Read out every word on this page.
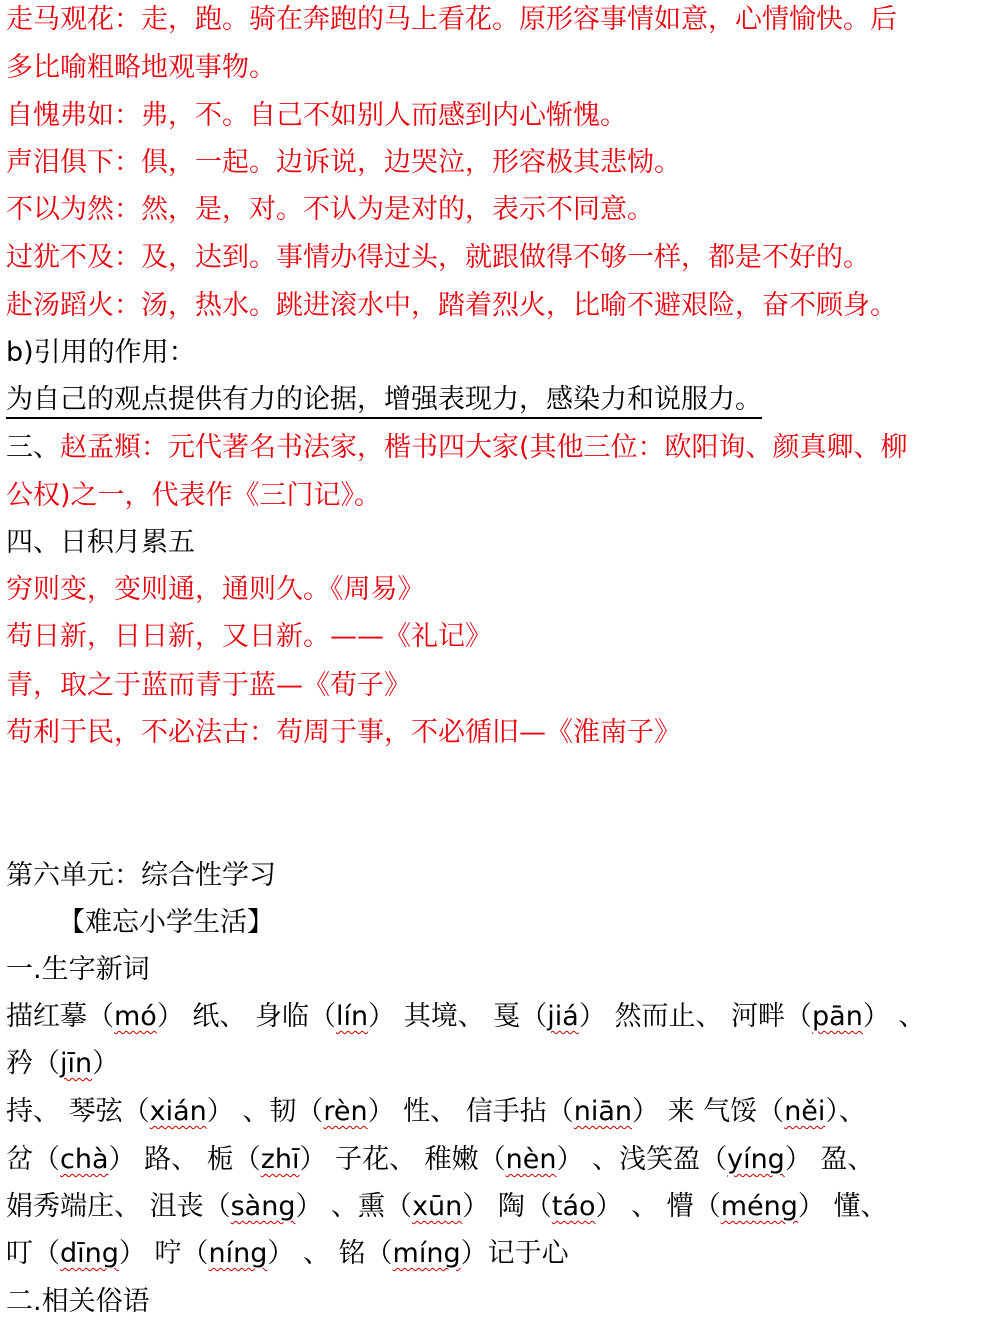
走马观花：走，跑。骑在奔跑的马上看花。原形容事情如意，心情愉快。后
多比喻粗略地观事物。
自愧弗如：弗，不。自己不如别人而感到内心惭愧。
声泪俱下：俱，一起。边诉说，边哭泣，形容极其悲恸。
不以为然：然，是，对。不认为是对的，表示不同意。
过犹不及：及，达到。事情办得过头，就跟做得不够一样，都是不好的。
赴汤蹈火：汤，热水。跳进滚水中，踏着烈火，比喻不避艰险，奋不顾身。
b)引用的作用：
为自己的观点提供有力的论据，增强表现力，感染力和说服力。
三、赵孟頫：元代著名书法家，楷书四大家(其他三位：欧阳询、颜真卿、柳
公权)之一，代表作《三门记》。
四、日积月累五
穷则变，变则通，通则久。《周易》
苟日新，日日新，又日新。——《礼记》
青，取之于蓝而青于蓝—《荀子》
苟利于民，不必法古：苟周于事，不必循旧—《淮南子》
第六单元：综合性学习
【难忘小学生活】
一.生字新词
描红摹（mó） 纸、 身临（lín） 其境、 戛（jiá） 然而止、 河畔（pān） 、
矜（jīn）
持、 琴弦（xián） 、韧（rèn） 性、 信手拈（niān） 来 气馁（něi）、
岔（chà） 路、 栀（zhī） 子花、 稚嫩（nèn） 、浅笑盈（yíng） 盈、
娟秀端庄、 沮丧（sàng） 、熏（xūn） 陶（táo） 、 懵（méng） 懂、
叮（dīng） 咛（níng） 、 铭（míng）记于心
二.相关俗语
